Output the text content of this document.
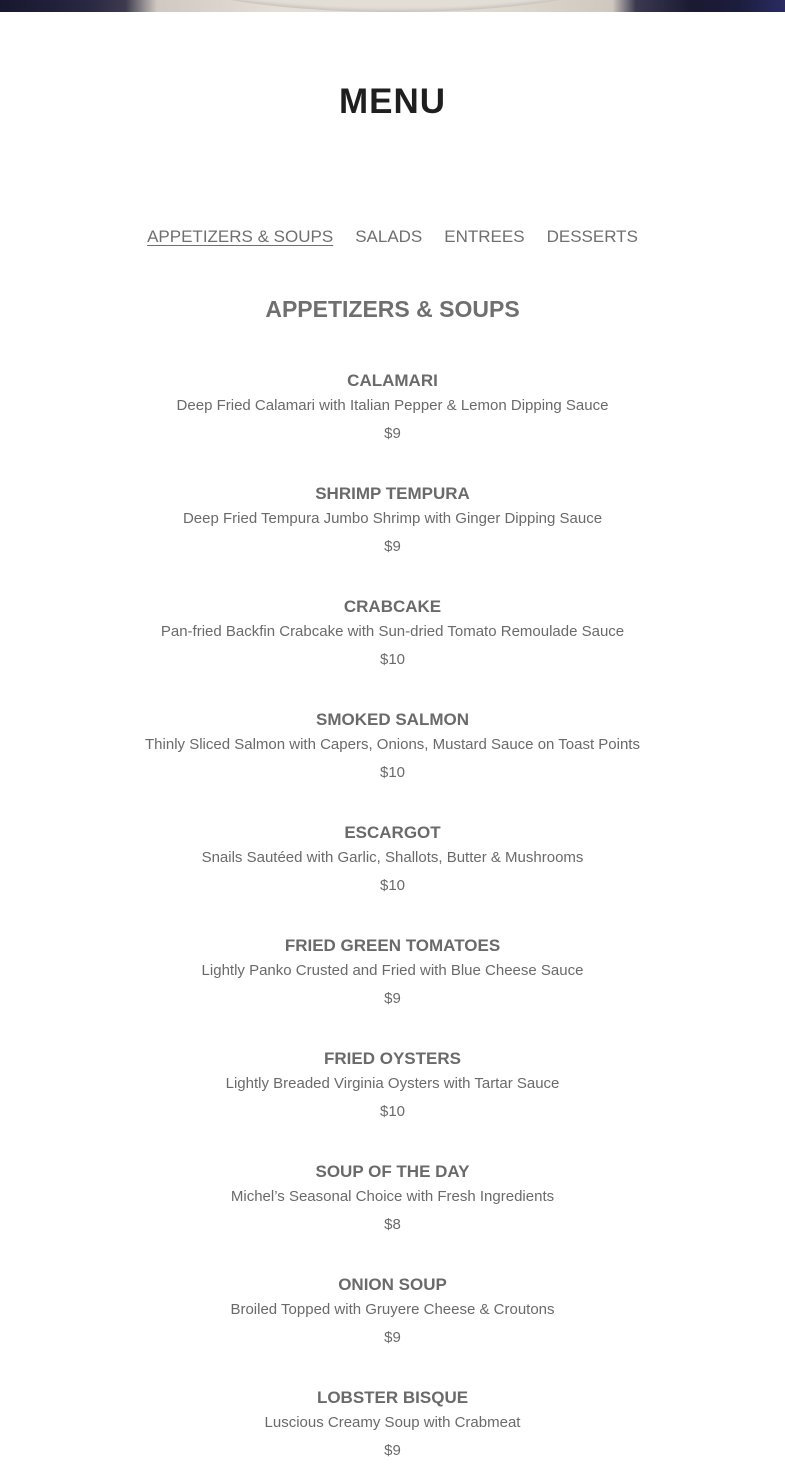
MENU
APPETIZERS & SOUPS SALADS ENTREES DESSERTS
APPETIZERS & SOUPS
CALAMARI
Deep Fried Calamari with Italian Pepper & Lemon Dipping Sauce
$9
SHRIMP TEMPURA
Deep Fried Tempura Jumbo Shrimp with Ginger Dipping Sauce
$9
CRABCAKE
Pan-fried Backfin Crabcake with Sun-dried Tomato Remoulade Sauce
$10
SMOKED SALMON
Thinly Sliced Salmon with Capers, Onions, Mustard Sauce on Toast Points
$10
ESCARGOT
Snails Sautéed with Garlic, Shallots, Butter & Mushrooms
$10
FRIED GREEN TOMATOES
Lightly Panko Crusted and Fried with Blue Cheese Sauce
$9
FRIED OYSTERS
Lightly Breaded Virginia Oysters with Tartar Sauce
$10
SOUP OF THE DAY
Michel’s Seasonal Choice with Fresh Ingredients
$8
ONION SOUP
Broiled Topped with Gruyere Cheese & Croutons
$9
LOBSTER BISQUE
Luscious Creamy Soup with Crabmeat
$9
